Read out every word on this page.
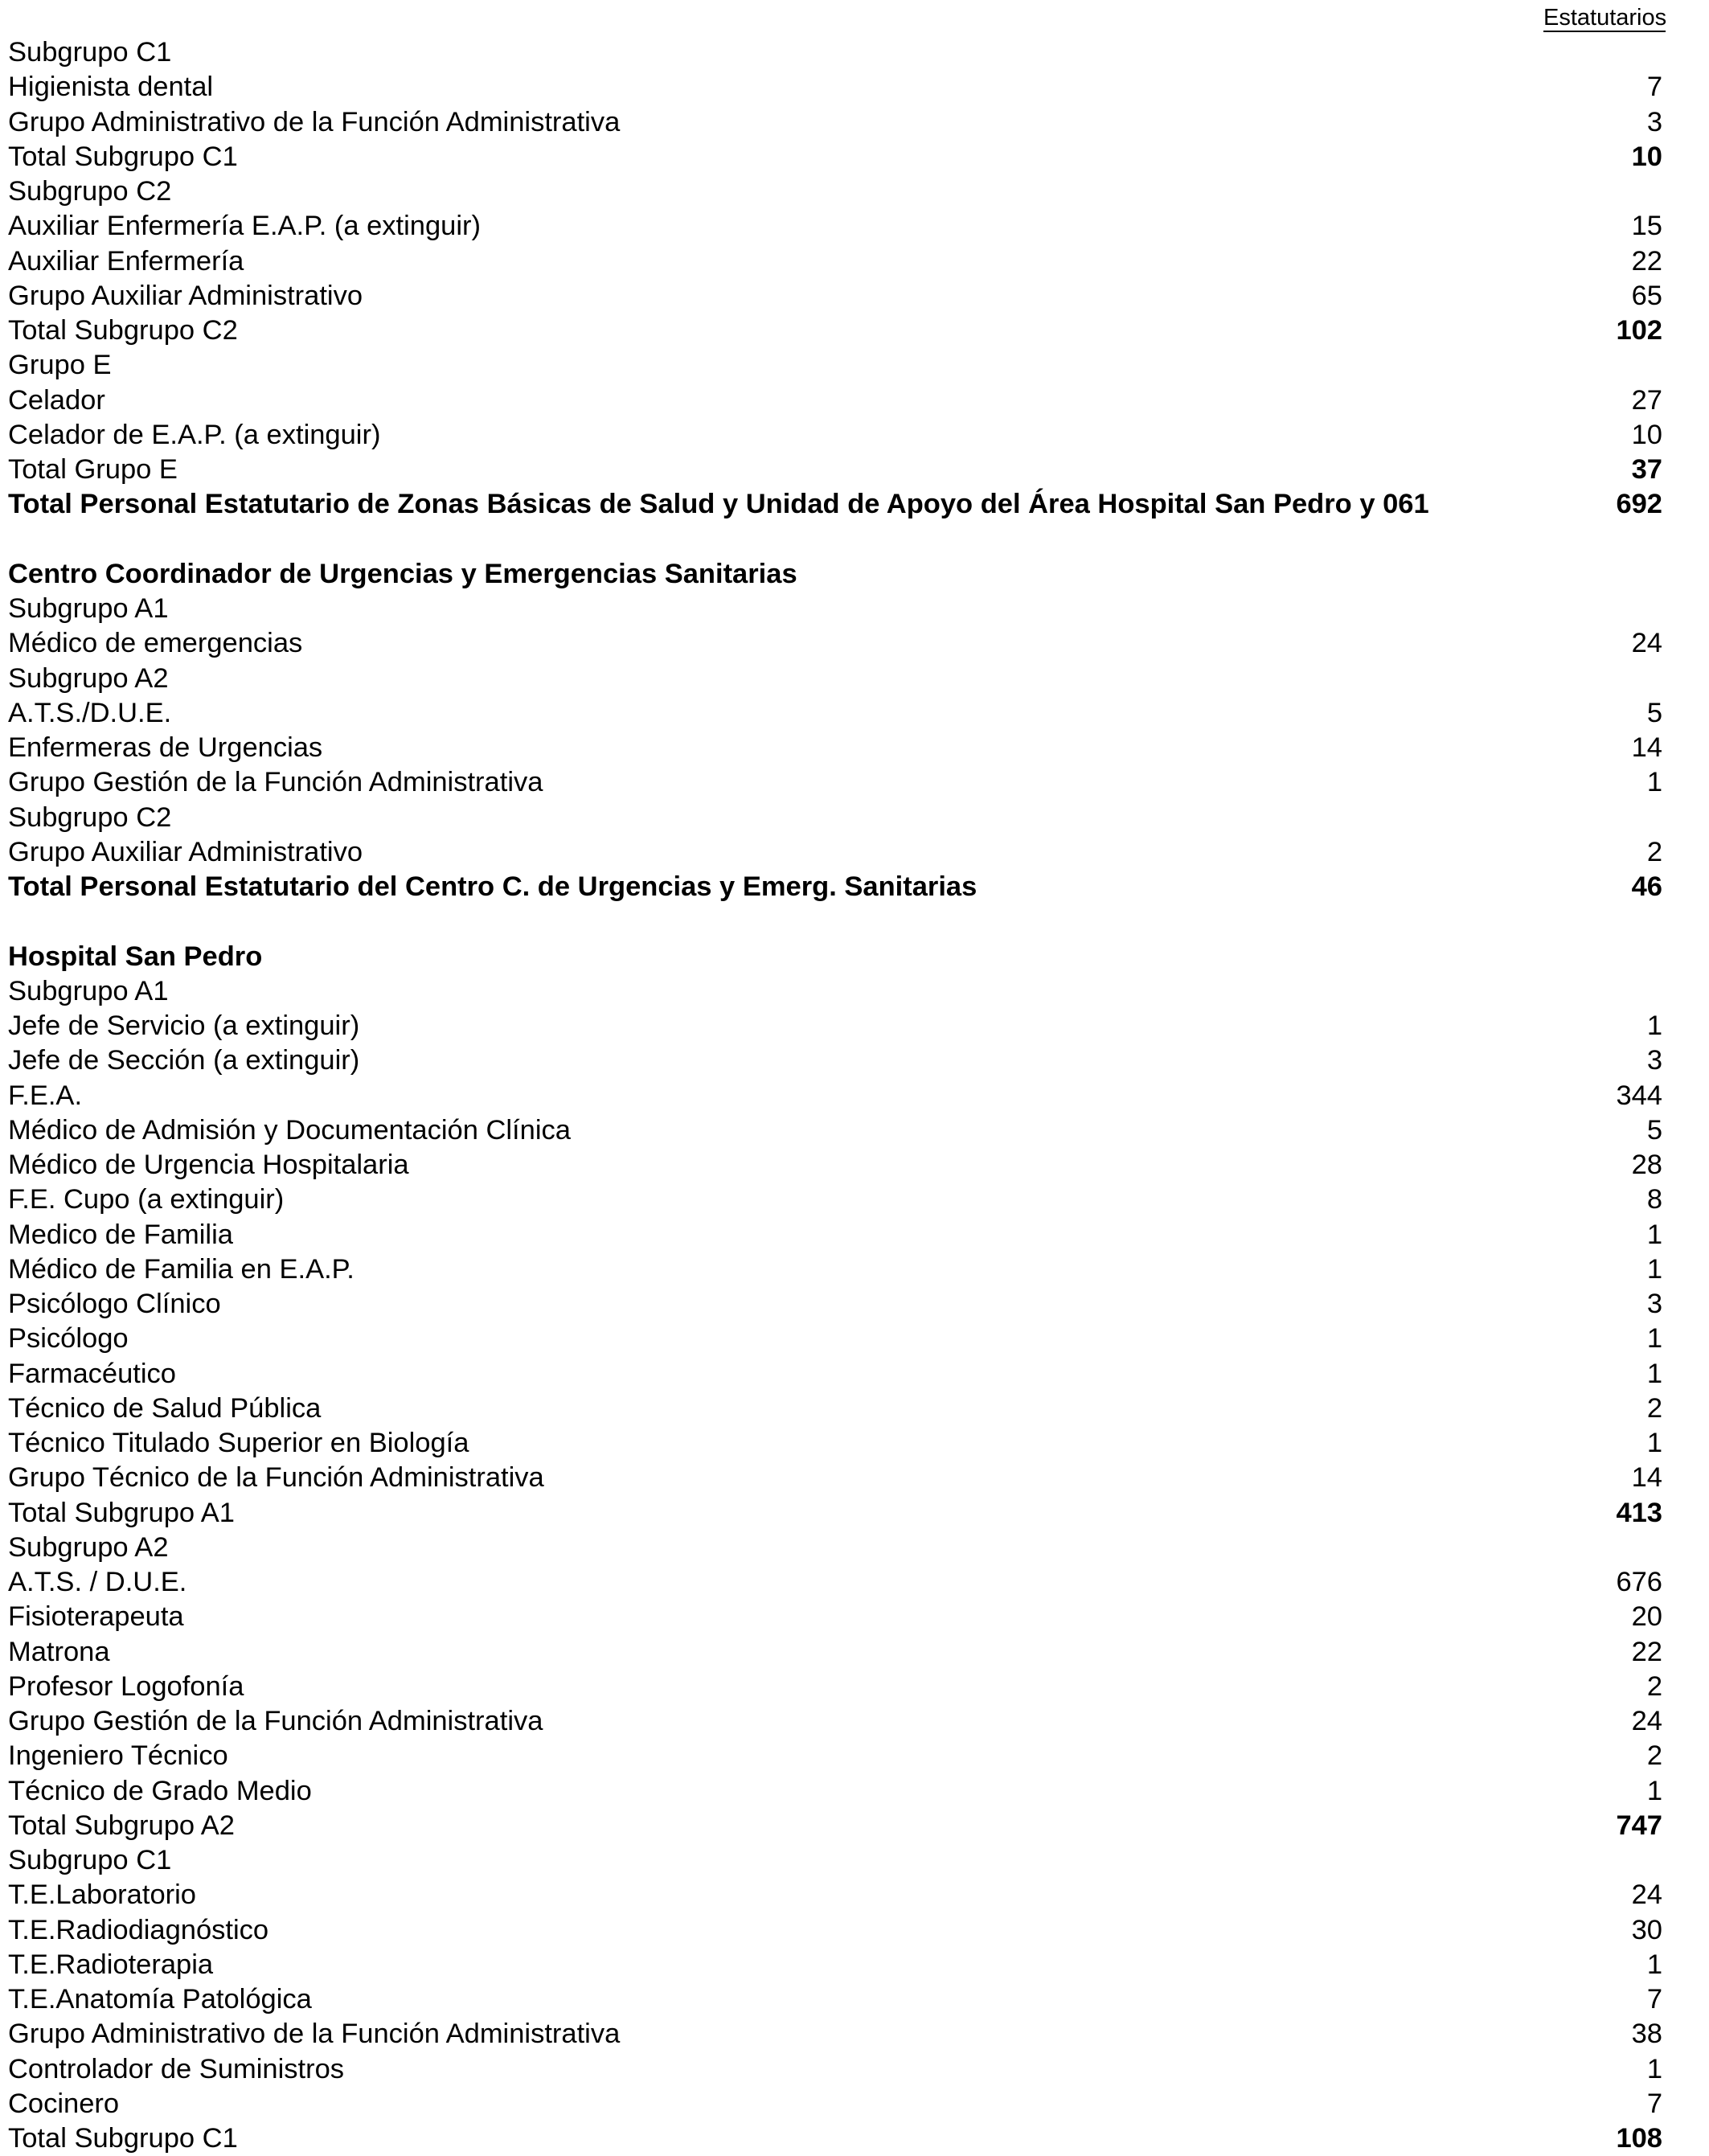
Estatutarios
Subgrupo C1
Higienista dental	7
Grupo Administrativo de la Función Administrativa	3
Total Subgrupo C1	10
Subgrupo C2
Auxiliar Enfermería E.A.P. (a extinguir)	15
Auxiliar Enfermería	22
Grupo Auxiliar Administrativo	65
Total Subgrupo C2	102
Grupo E
Celador	27
Celador de E.A.P. (a extinguir)	10
Total Grupo E	37
Total Personal Estatutario de Zonas Básicas de Salud y Unidad de Apoyo del Área Hospital San Pedro y 061	692
Centro Coordinador de Urgencias y Emergencias Sanitarias
Subgrupo A1
Médico de emergencias	24
Subgrupo A2
A.T.S./D.U.E.	5
Enfermeras de Urgencias	14
Grupo Gestión de la Función Administrativa	1
Subgrupo C2
Grupo Auxiliar Administrativo	2
Total Personal Estatutario del Centro C. de Urgencias y Emerg. Sanitarias	46
Hospital San Pedro
Subgrupo A1
Jefe de Servicio (a extinguir)	1
Jefe de Sección (a extinguir)	3
F.E.A.	344
Médico de Admisión y Documentación Clínica	5
Médico de Urgencia Hospitalaria	28
F.E. Cupo (a extinguir)	8
Medico de Familia	1
Médico de Familia en E.A.P.	1
Psicólogo Clínico	3
Psicólogo	1
Farmacéutico	1
Técnico de Salud Pública	2
Técnico Titulado Superior en Biología	1
Grupo Técnico de la Función Administrativa	14
Total Subgrupo A1	413
Subgrupo A2
A.T.S. / D.U.E.	676
Fisioterapeuta	20
Matrona	22
Profesor Logofonía	2
Grupo Gestión de la Función Administrativa	24
Ingeniero Técnico	2
Técnico de Grado Medio	1
Total Subgrupo A2	747
Subgrupo C1
T.E.Laboratorio	24
T.E.Radiodiagnóstico	30
T.E.Radioterapia	1
T.E.Anatomía Patológica	7
Grupo Administrativo de la Función Administrativa	38
Controlador de Suministros	1
Cocinero	7
Total Subgrupo C1	108
